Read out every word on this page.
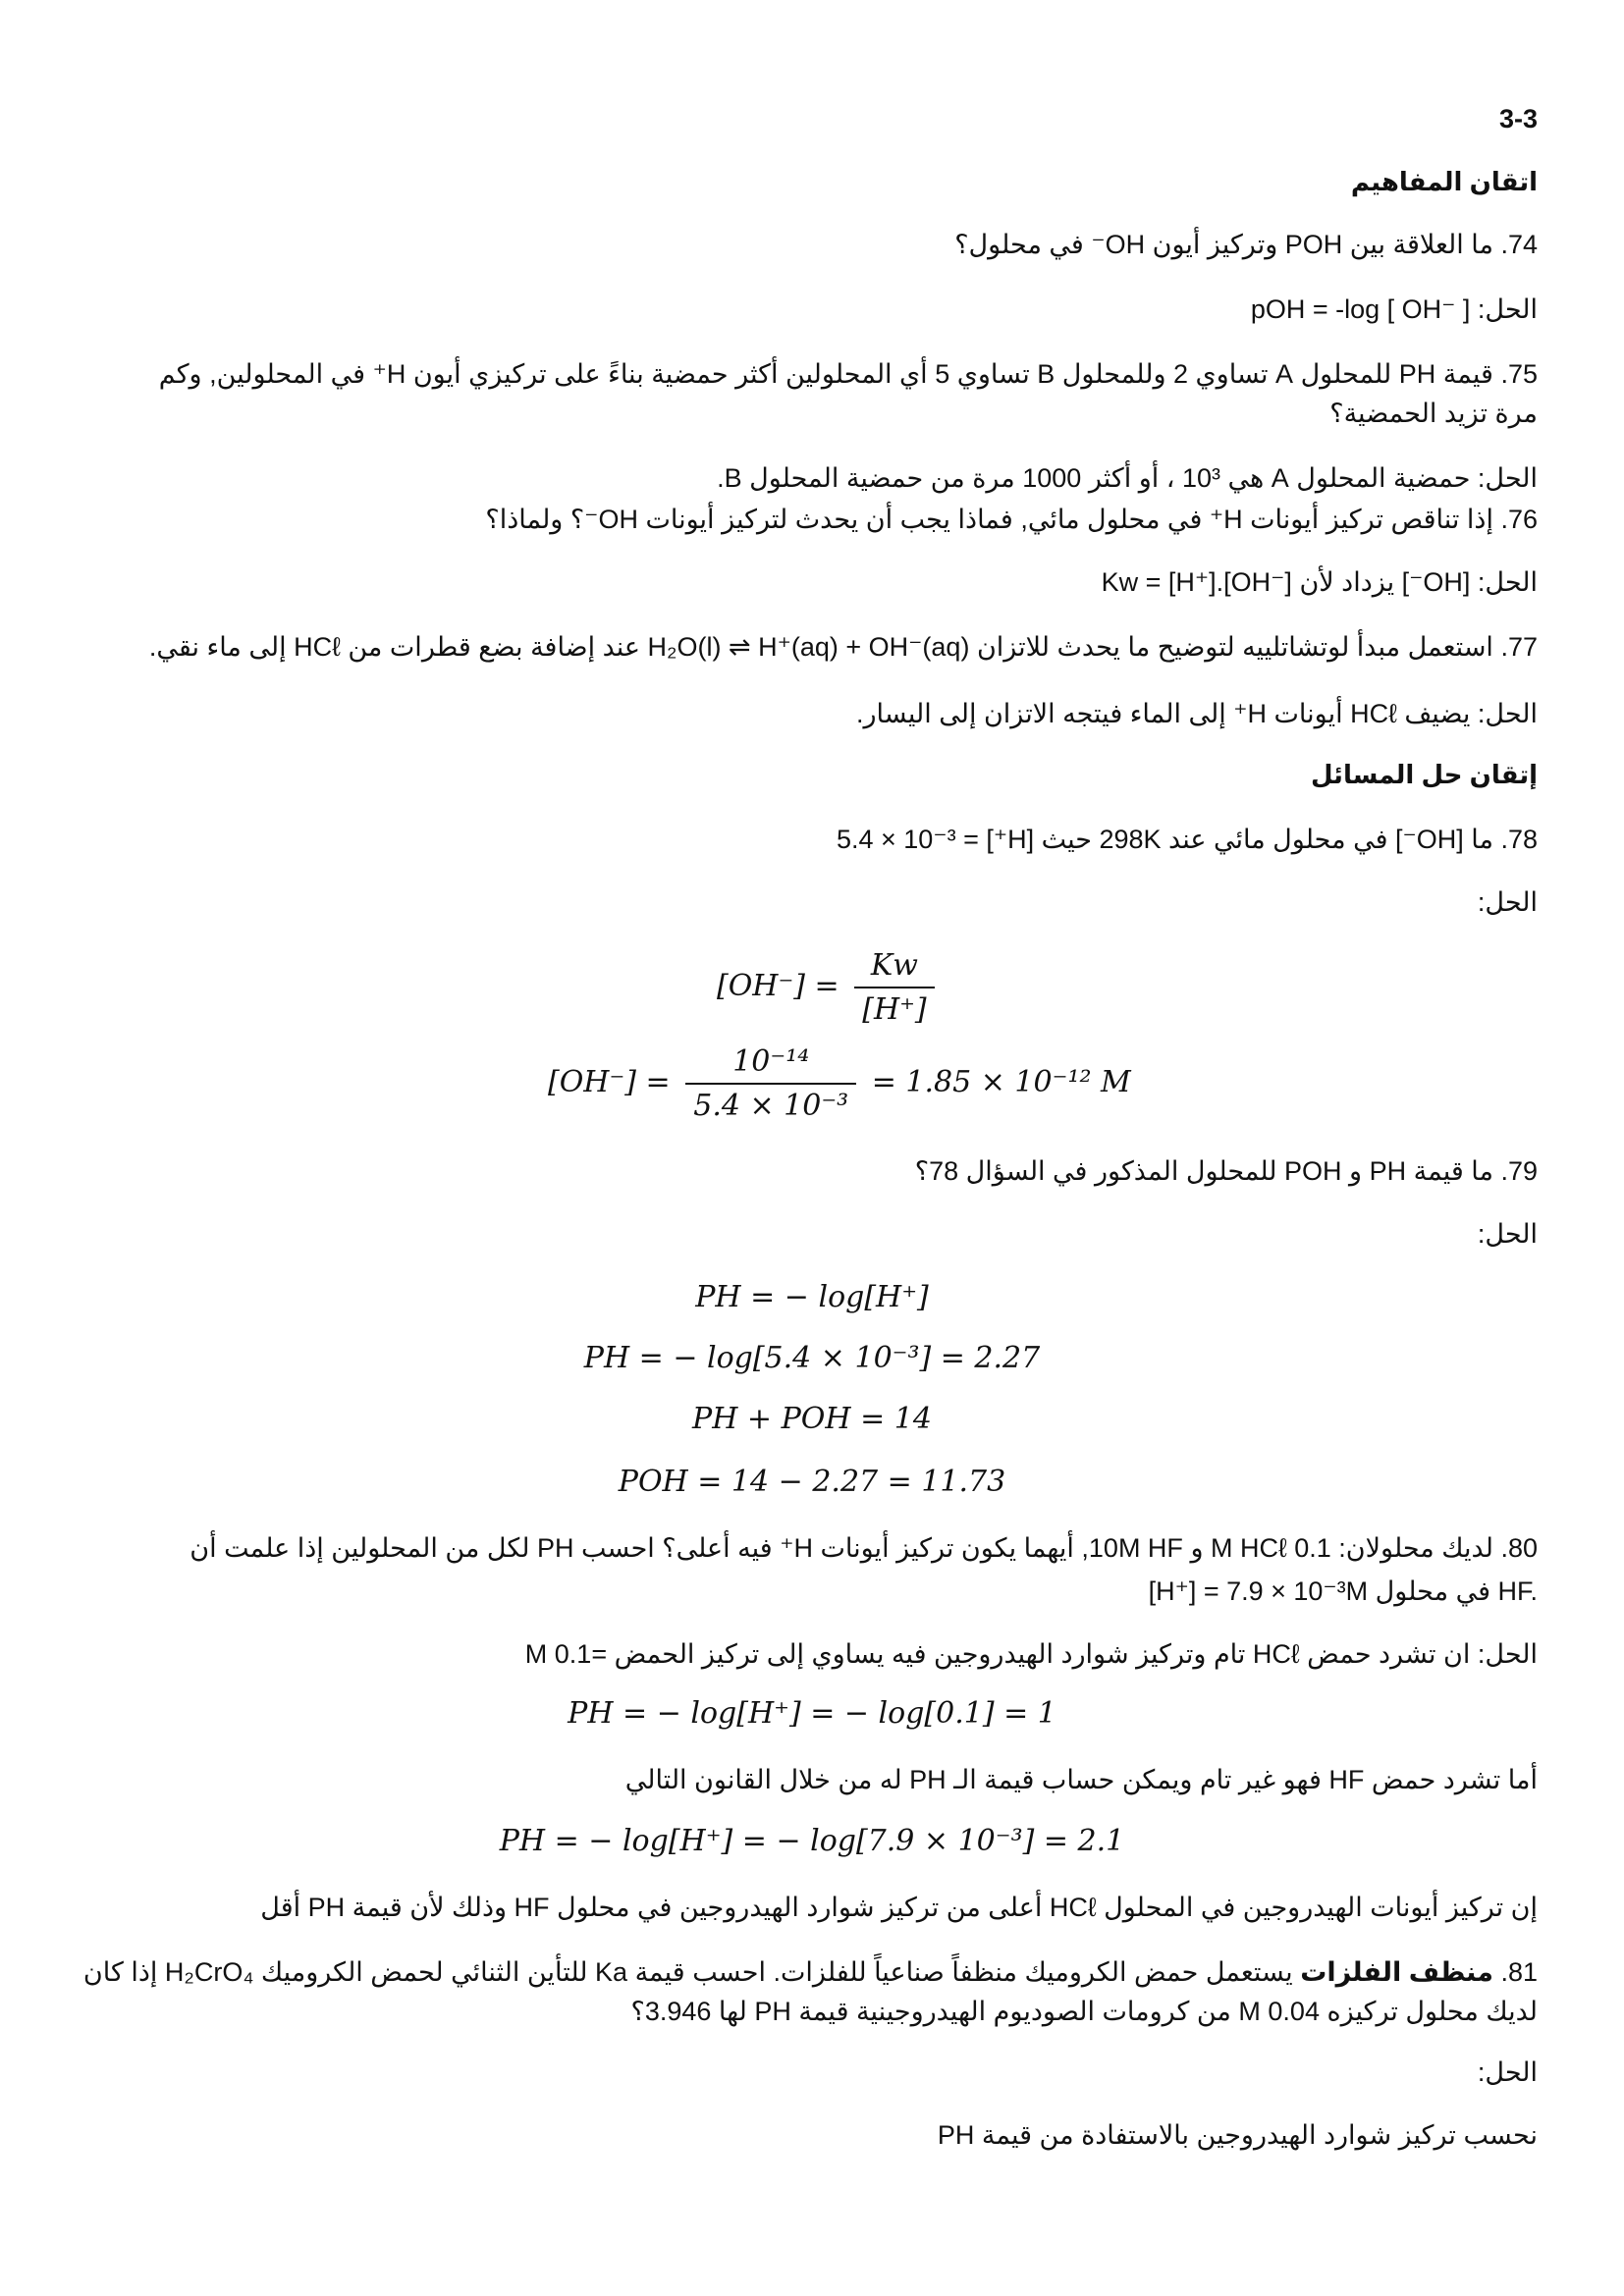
3-3
اتقان المفاهيم
74. ما العلاقة بين POH وتركيز أيون OH⁻ في محلول؟
الحل: pOH = -log [ OH⁻ ]
75. قيمة PH للمحلول A تساوي 2 وللمحلول B تساوي 5 أي المحلولين أكثر حمضية بناءً على تركيزي أيون H⁺ في المحلولين, وكم
مرة تزيد الحمضية؟
الحل: حمضية المحلول A هي 10³ ، أو أكثر 1000 مرة من حمضية المحلول B.
76. إذا تناقص تركيز أيونات H⁺ في محلول مائي, فماذا يجب أن يحدث لتركيز أيونات OH⁻؟ ولماذا؟
الحل: [OH⁻] يزداد لأن Kw = [H⁺].[OH⁻]
77. استعمل مبدأ لوتشاتلييه لتوضيح ما يحدث للاتزان H₂O(l) ⇌ H⁺(aq) + OH⁻(aq) عند إضافة بضع قطرات من HCℓ إلى ماء نقي.
الحل: يضيف HCℓ أيونات H⁺ إلى الماء فيتجه الاتزان إلى اليسار.
إتقان حل المسائل
78. ما [OH⁻] في محلول مائي عند 298K حيث [H⁺] = 5.4 × 10⁻³
الحل:
$[OH^-] = \frac{Kw}{[H^+]}$
$[OH^-] = \frac{\text{10⁻¹⁴}}{\text{5.4 × 10⁻³}} = 1.85 \times 10^{-12}$ M
79. ما قيمة PH و POH للمحلول المذكور في السؤال 78؟
الحل:
PH = − log[H⁺]
PH = − log[5.4 × 10⁻³] = 2.27
PH + POH = 14
POH = 14 − 2.27 = 11.73
80. لديك محلولان: 0.1 M HCℓ و 10M HF, أيهما يكون تركيز أيونات H⁺ فيه أعلى؟ احسب PH لكل من المحلولين إذا علمت أن
[H⁺] = 7.9 × 10⁻³M في محلول HF.
الحل: ان تشرد حمض HCℓ تام وتركيز شوارد الهيدروجين فيه يساوي إلى تركيز الحمض =M 0.1
PH = − log[H⁺] = − log[0.1] = 1
أما تشرد حمض HF فهو غير تام ويمكن حساب قيمة الـ PH له من خلال القانون التالي
PH = − log[H⁺] = − log[7.9 × 10⁻³] = 2.1
إن تركيز أيونات الهيدروجين في المحلول HCℓ أعلى من تركيز شوارد الهيدروجين في محلول HF وذلك لأن قيمة PH أقل
81. منظف الفلزات يستعمل حمض الكروميك منظفاً صناعياً للفلزات. احسب قيمة Ka للتأين الثنائي لحمض الكروميك H₂CrO₄ إذا كان
لديك محلول تركيزه 0.04 M من كرومات الصوديوم الهيدروجينية قيمة PH لها 3.946؟
الحل:
نحسب تركيز شوارد الهيدروجين بالاستفادة من قيمة PH
